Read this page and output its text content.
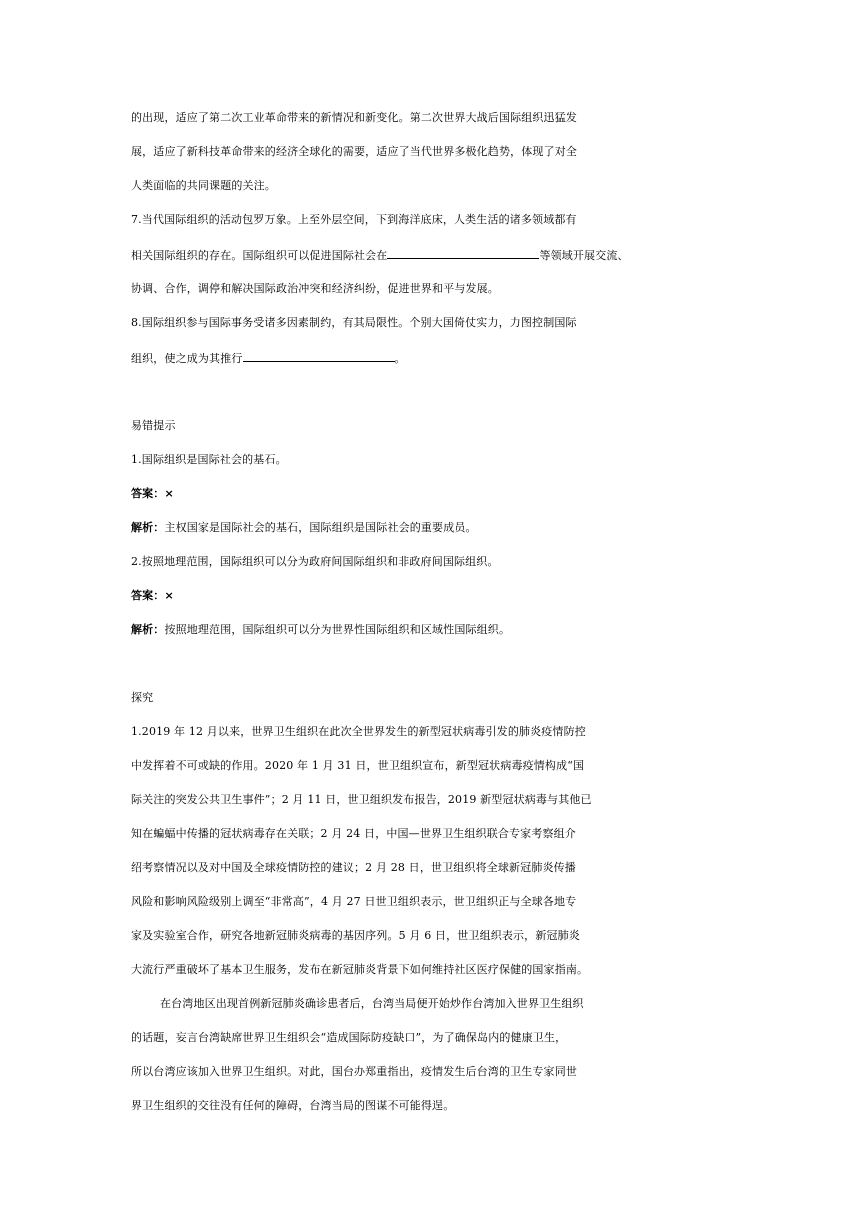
的出现，适应了第二次工业革命带来的新情况和新变化。第二次世界大战后国际组织迅猛发
展，适应了新科技革命带来的经济全球化的需要，适应了当代世界多极化趋势，体现了对全
人类面临的共同课题的关注。
7.当代国际组织的活动包罗万象。上至外层空间，下到海洋底床，人类生活的诸多领域都有
相关国际组织的存在。国际组织可以促进国际社会在	等领域开展交流、
协调、合作，调停和解决国际政治冲突和经济纠纷，促进世界和平与发展。
8.国际组织参与国际事务受诸多因素制约，有其局限性。个别大国倚仗实力，力图控制国际
组织，使之成为其推行	。
易错提示
1.国际组织是国际社会的基石。
答案：×
解析：主权国家是国际社会的基石，国际组织是国际社会的重要成员。
2.按照地理范围，国际组织可以分为政府间国际组织和非政府间国际组织。
答案：×
解析：按照地理范围，国际组织可以分为世界性国际组织和区域性国际组织。
探究
1.2019 年 12 月以来，世界卫生组织在此次全世界发生的新型冠状病毒引发的肺炎疫情防控
中发挥着不可或缺的作用。2020 年 1 月 31 日，世卫组织宣布，新型冠状病毒疫情构成“国
际关注的突发公共卫生事件”；2 月 11 日，世卫组织发布报告，2019 新型冠状病毒与其他已
知在蝙蝠中传播的冠状病毒存在关联；2 月 24 日，中国—世界卫生组织联合专家考察组介
绍考察情况以及对中国及全球疫情防控的建议；2 月 28 日，世卫组织将全球新冠肺炎传播
风险和影响风险级别上调至“非常高”，4 月 27 日世卫组织表示，世卫组织正与全球各地专
家及实验室合作，研究各地新冠肺炎病毒的基因序列。5 月 6 日，世卫组织表示，新冠肺炎
大流行严重破坏了基本卫生服务，发布在新冠肺炎背景下如何维持社区医疗保健的国家指南。
在台湾地区出现首例新冠肺炎确诊患者后，台湾当局便开始炒作台湾加入世界卫生组织
的话题，妄言台湾缺席世界卫生组织会“造成国际防疫缺口”，为了确保岛内的健康卫生，
所以台湾应该加入世界卫生组织。对此，国台办郑重指出，疫情发生后台湾的卫生专家同世
界卫生组织的交往没有任何的障碍，台湾当局的图谋不可能得逞。
